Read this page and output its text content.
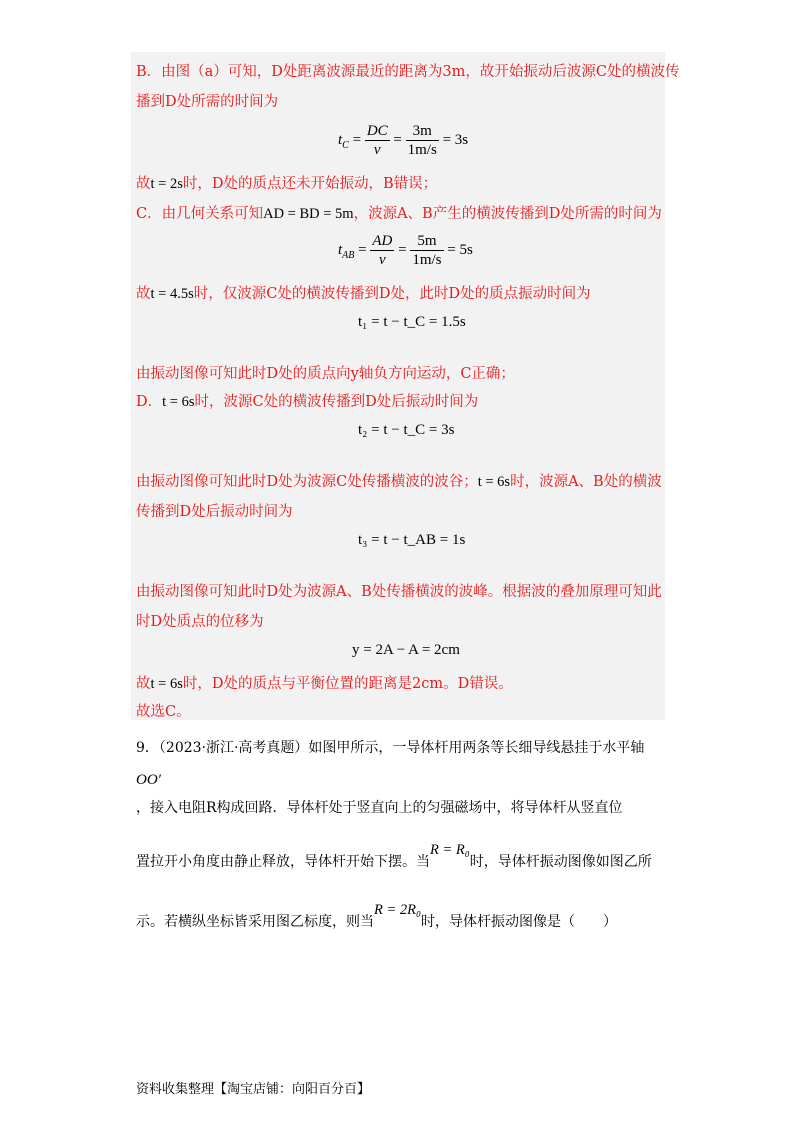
B．由图（a）可知，D处距离波源最近的距离为3m，故开始振动后波源C处的横波传
播到D处所需的时间为
$t_C = \frac{DC}{v} = \frac{3m}{1m/s} = 3s$
故t = 2s时，D处的质点还未开始振动，B错误；
C．由几何关系可知AD = BD = 5m，波源A、B产生的横波传播到D处所需的时间为
$t_{AB} = \frac{AD}{v} = \frac{5m}{1m/s} = 5s$
故t = 4.5s时，仅波源C处的横波传播到D处，此时D处的质点振动时间为
t₁ = t − t_C = 1.5s
由振动图像可知此时D处的质点向y轴负方向运动，C正确；
D．t = 6s时，波源C处的横波传播到D处后振动时间为
t₂ = t − t_C = 3s
由振动图像可知此时D处为波源C处传播横波的波谷；t = 6s时，波源A、B处的横波
传播到D处后振动时间为
t₃ = t − t_AB = 1s
由振动图像可知此时D处为波源A、B处传播横波的波峰。根据波的叠加原理可知此
时D处质点的位移为
y = 2A − A = 2cm
故t = 6s时，D处的质点与平衡位置的距离是2cm。D错误。
故选C。
9．（2023·浙江·高考真题）如图甲所示，一导体杆用两条等长细导线悬挂于水平轴
OO′
，接入电阻R构成回路．导体杆处于竖直向上的匀强磁场中，将导体杆从竖直位
置拉开小角度由静止释放，导体杆开始下摆。当R = R₀时，导体杆振动图像如图乙所
示。若横纵坐标皆采用图乙标度，则当R = 2R₀时，导体杆振动图像是（　　）
资料收集整理【淘宝店铺：向阳百分百】
